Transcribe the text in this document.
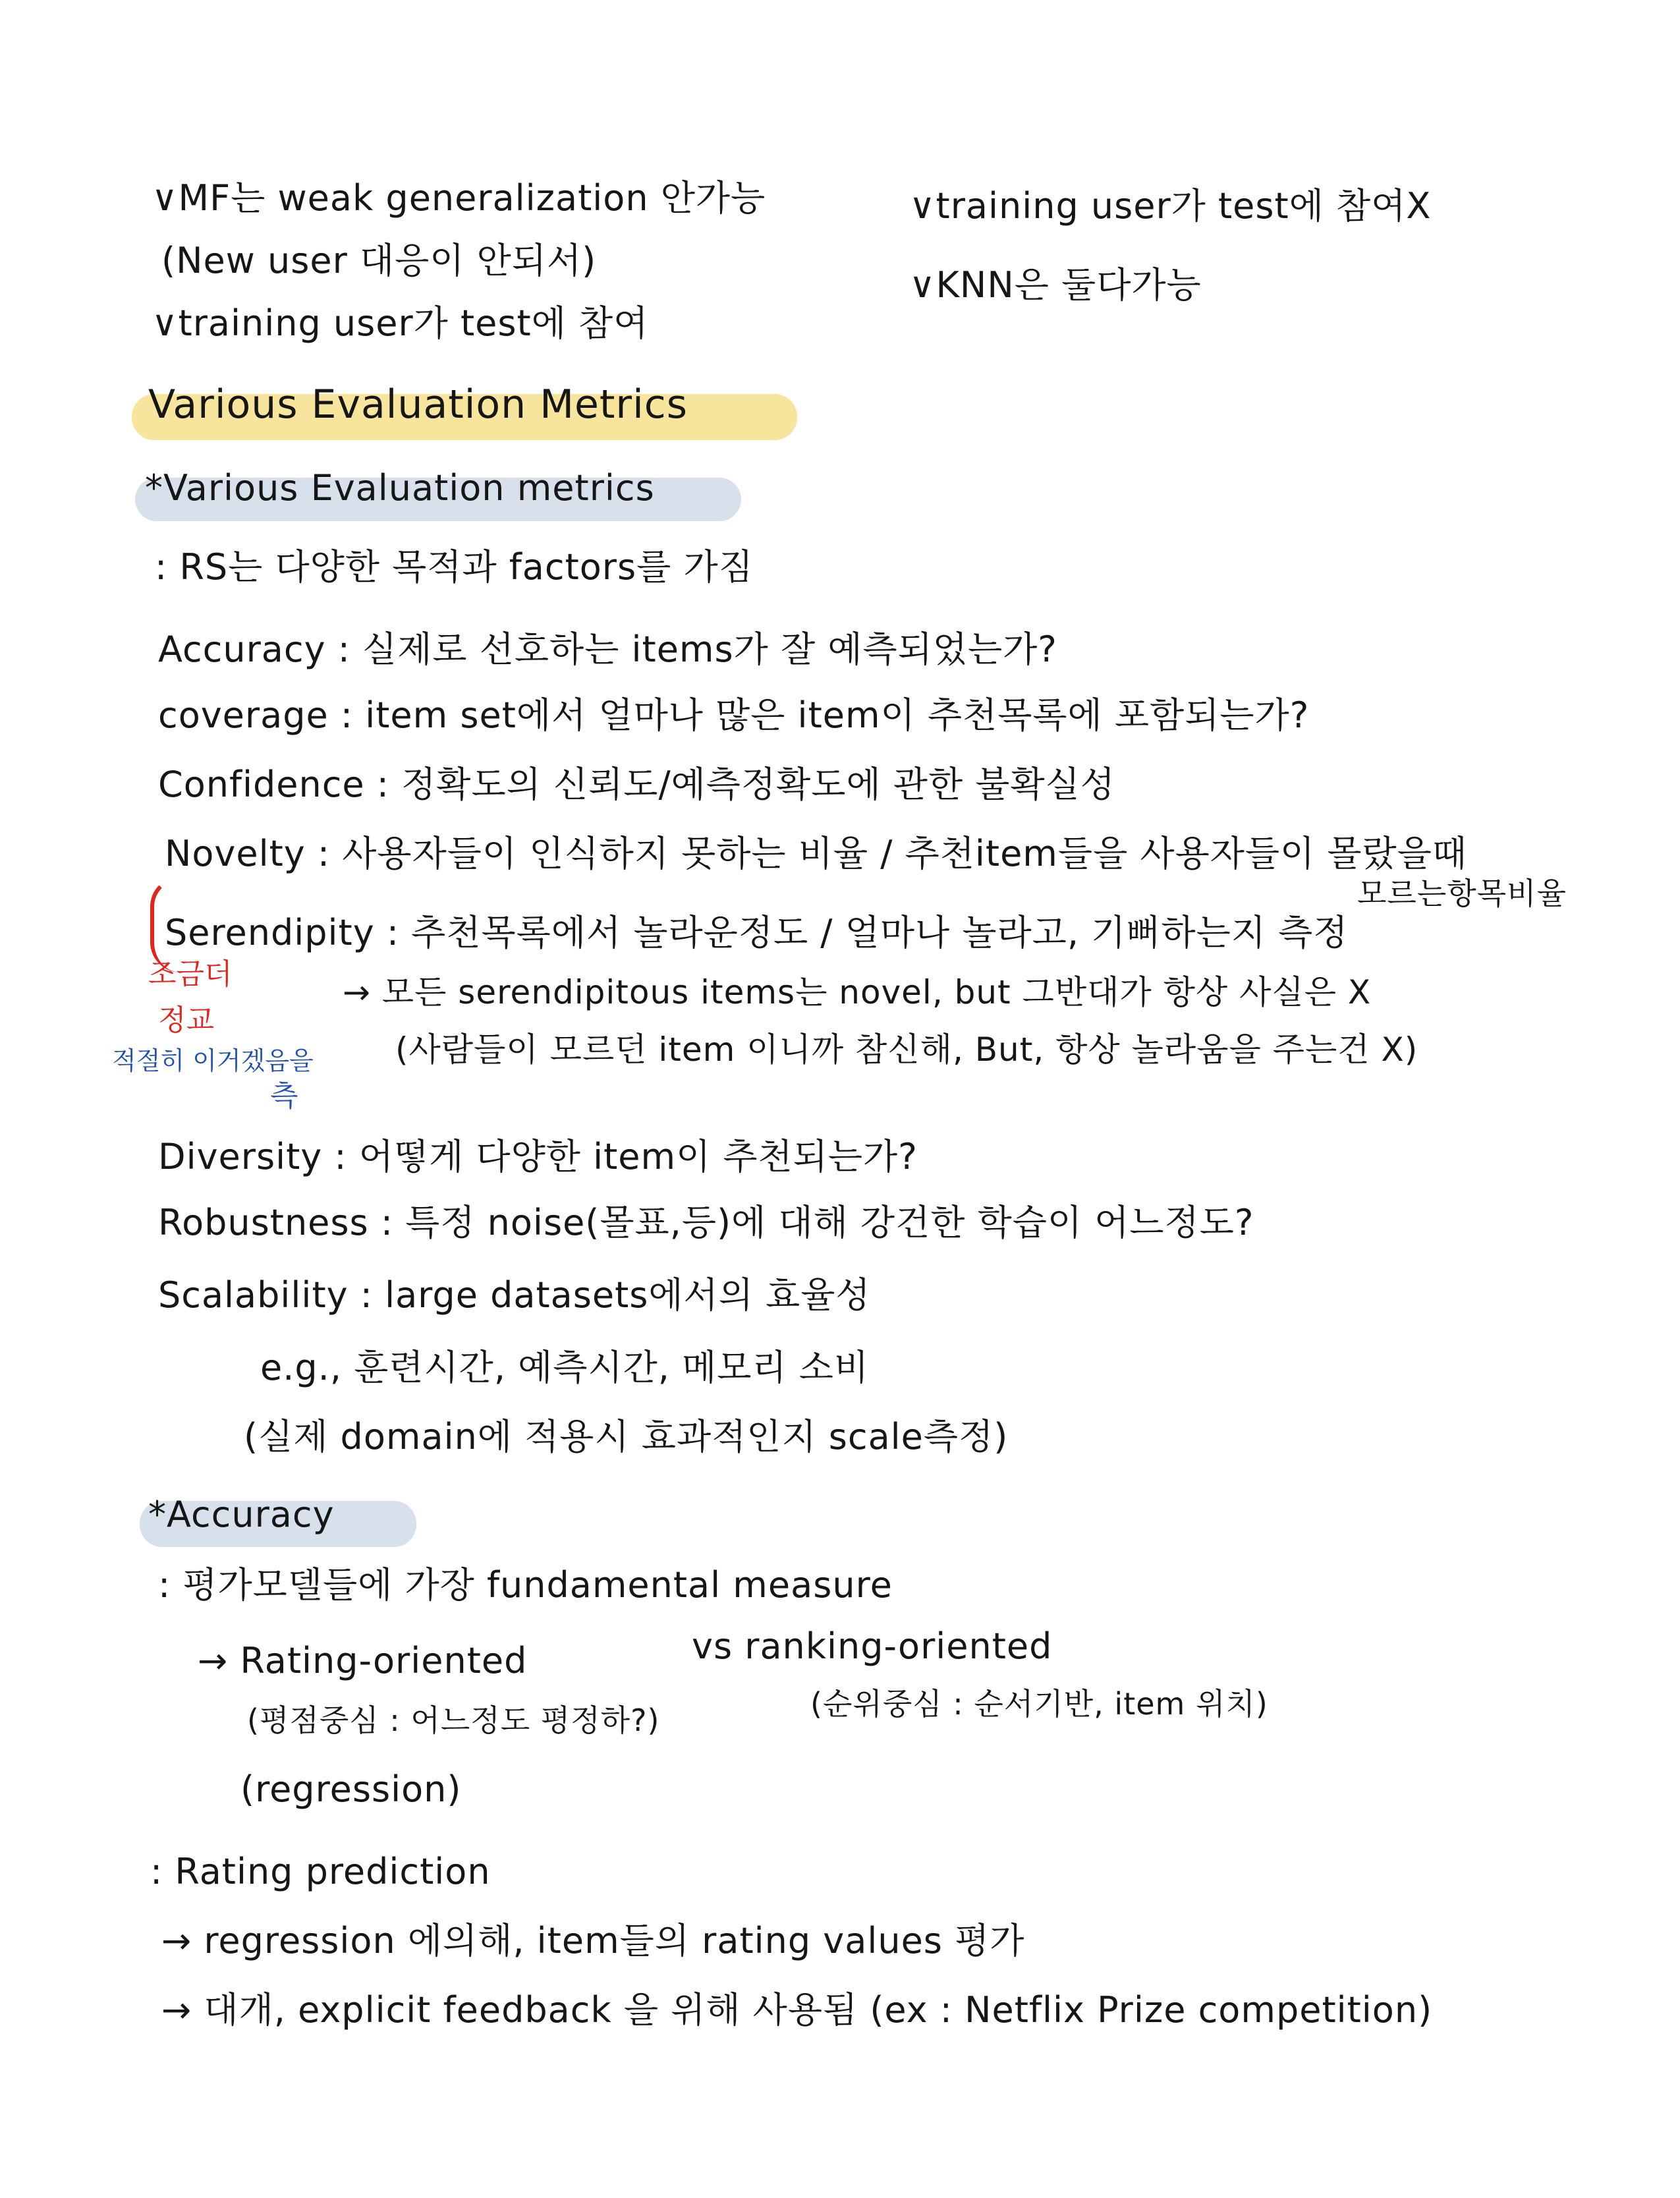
∨MF는 weak generalization 안가능
(New user 대응이 안되서)
∨training user가 test에 참여
∨training user가 test에 참여X
∨KNN은 둘다가능
Various Evaluation Metrics
*Various Evaluation metrics
: RS는 다양한 목적과 factors를 가짐
Accuracy : 실제로 선호하는 items가 잘 예측되었는가?
coverage : item set에서 얼마나 많은 item이 추천목록에 포함되는가?
Confidence : 정확도의 신뢰도/예측정확도에 관한 불확실성
Novelty : 사용자들이 인식하지 못하는 비율 / 추천item들을 사용자들이 몰랐을때
모르는항목비율
Serendipity : 추천목록에서 놀라운정도 / 얼마나 놀라고, 기뻐하는지 측정
→ 모든 serendipitous items는 novel, but 그반대가 항상 사실은 X
(사람들이 모르던 item 이니까 참신해, But, 항상 놀라움을 주는건 X)
조금더
정교
적절히 이거겠음을
측
Diversity : 어떻게 다양한 item이 추천되는가?
Robustness : 특정 noise(몰표,등)에 대해 강건한 학습이 어느정도?
Scalability : large datasets에서의 효율성
e.g., 훈련시간, 예측시간, 메모리 소비
(실제 domain에 적용시 효과적인지 scale측정)
*Accuracy
: 평가모델들에 가장 fundamental measure
→ Rating-oriented	vs ranking-oriented
(평점중심 : 어느정도 평정하?)	(순위중심 : 순서기반, item 위치)
(regression)
: Rating prediction
→ regression 에의해, item들의 rating values 평가
→ 대개, explicit feedback 을 위해 사용됨 (ex : Netflix Prize competition)
